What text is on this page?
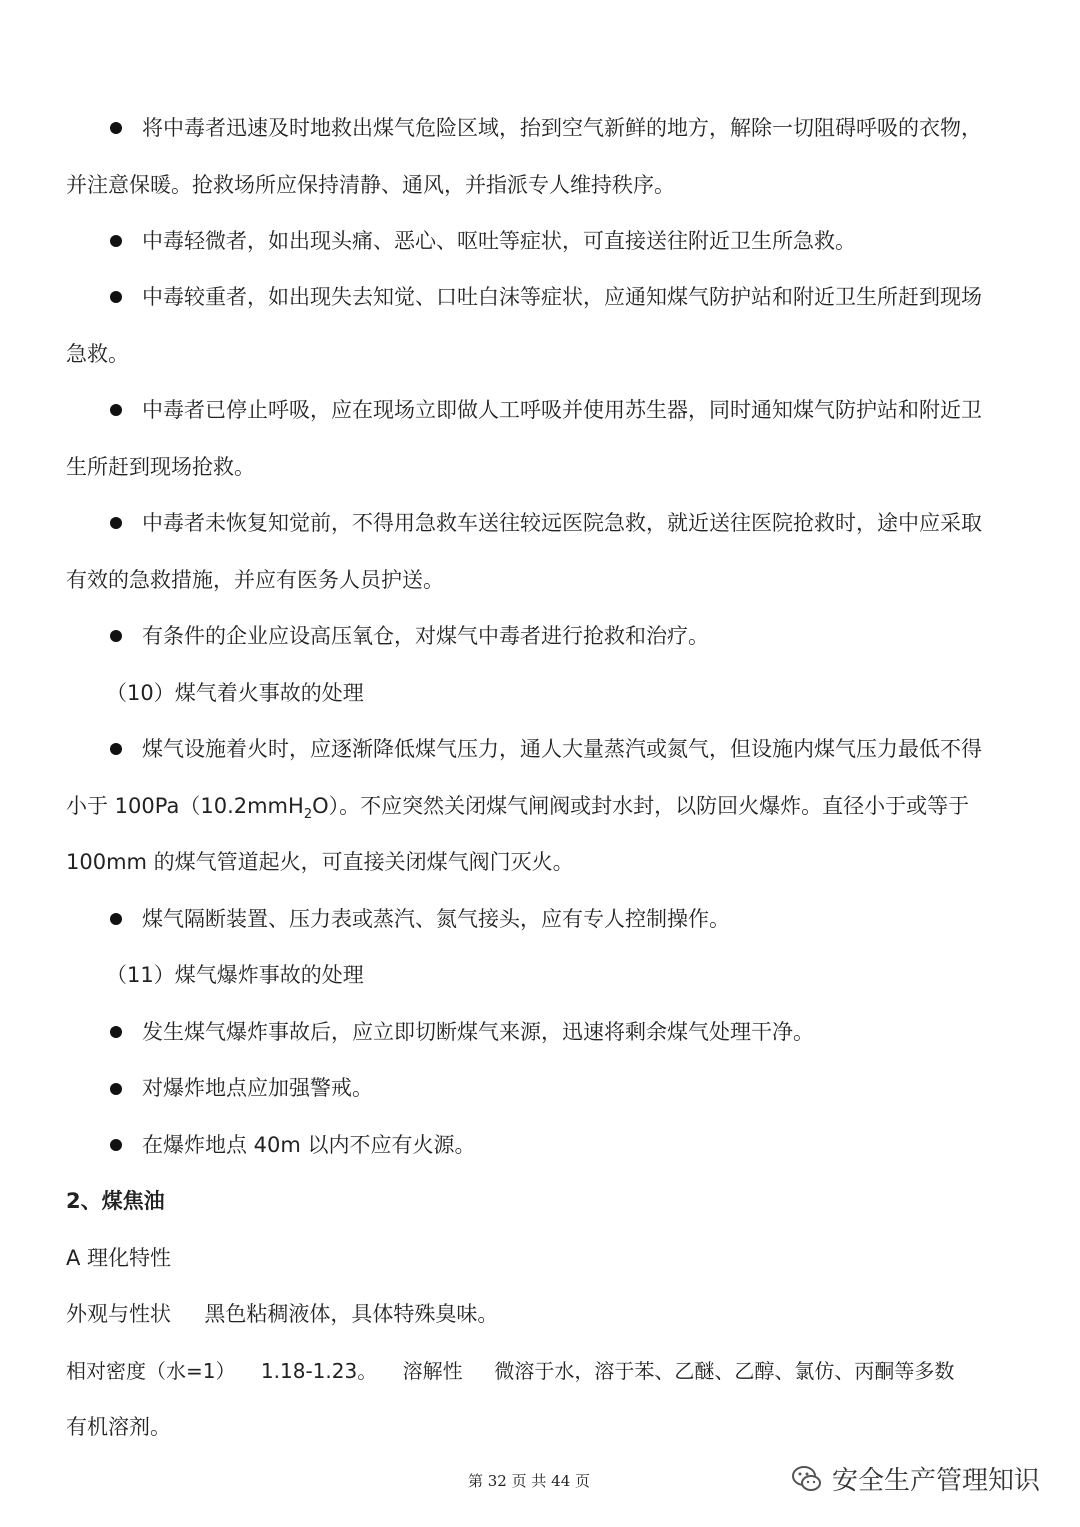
将中毒者迅速及时地救出煤气危险区域，抬到空气新鲜的地方，解除一切阻碍呼吸的衣物，
并注意保暖。抢救场所应保持清静、通风，并指派专人维持秩序。
中毒轻微者，如出现头痛、恶心、呕吐等症状，可直接送往附近卫生所急救。
中毒较重者，如出现失去知觉、口吐白沫等症状，应通知煤气防护站和附近卫生所赶到现场
急救。
中毒者已停止呼吸，应在现场立即做人工呼吸并使用苏生器，同时通知煤气防护站和附近卫
生所赶到现场抢救。
中毒者未恢复知觉前，不得用急救车送往较远医院急救，就近送往医院抢救时，途中应采取
有效的急救措施，并应有医务人员护送。
有条件的企业应设高压氧仓，对煤气中毒者进行抢救和治疗。
（10）煤气着火事故的处理
煤气设施着火时，应逐渐降低煤气压力，通人大量蒸汽或氮气，但设施内煤气压力最低不得
小于 100Pa（10.2mmH$_2$O）。不应突然关闭煤气闸阀或封水封，以防回火爆炸。直径小于或等于
100mm 的煤气管道起火，可直接关闭煤气阀门灭火。
煤气隔断装置、压力表或蒸汽、氮气接头，应有专人控制操作。
（11）煤气爆炸事故的处理
发生煤气爆炸事故后，应立即切断煤气来源，迅速将剩余煤气处理干净。
对爆炸地点应加强警戒。
在爆炸地点 40m 以内不应有火源。
2、煤焦油
A 理化特性
外观与性状     黑色粘稠液体，具体特殊臭味。
相对密度（水=1）    1.18-1.23。    溶解性     微溶于水，溶于苯、乙醚、乙醇、氯仿、丙酮等多数
有机溶剂。
第 32 页 共 44 页	安全生产管理知识
